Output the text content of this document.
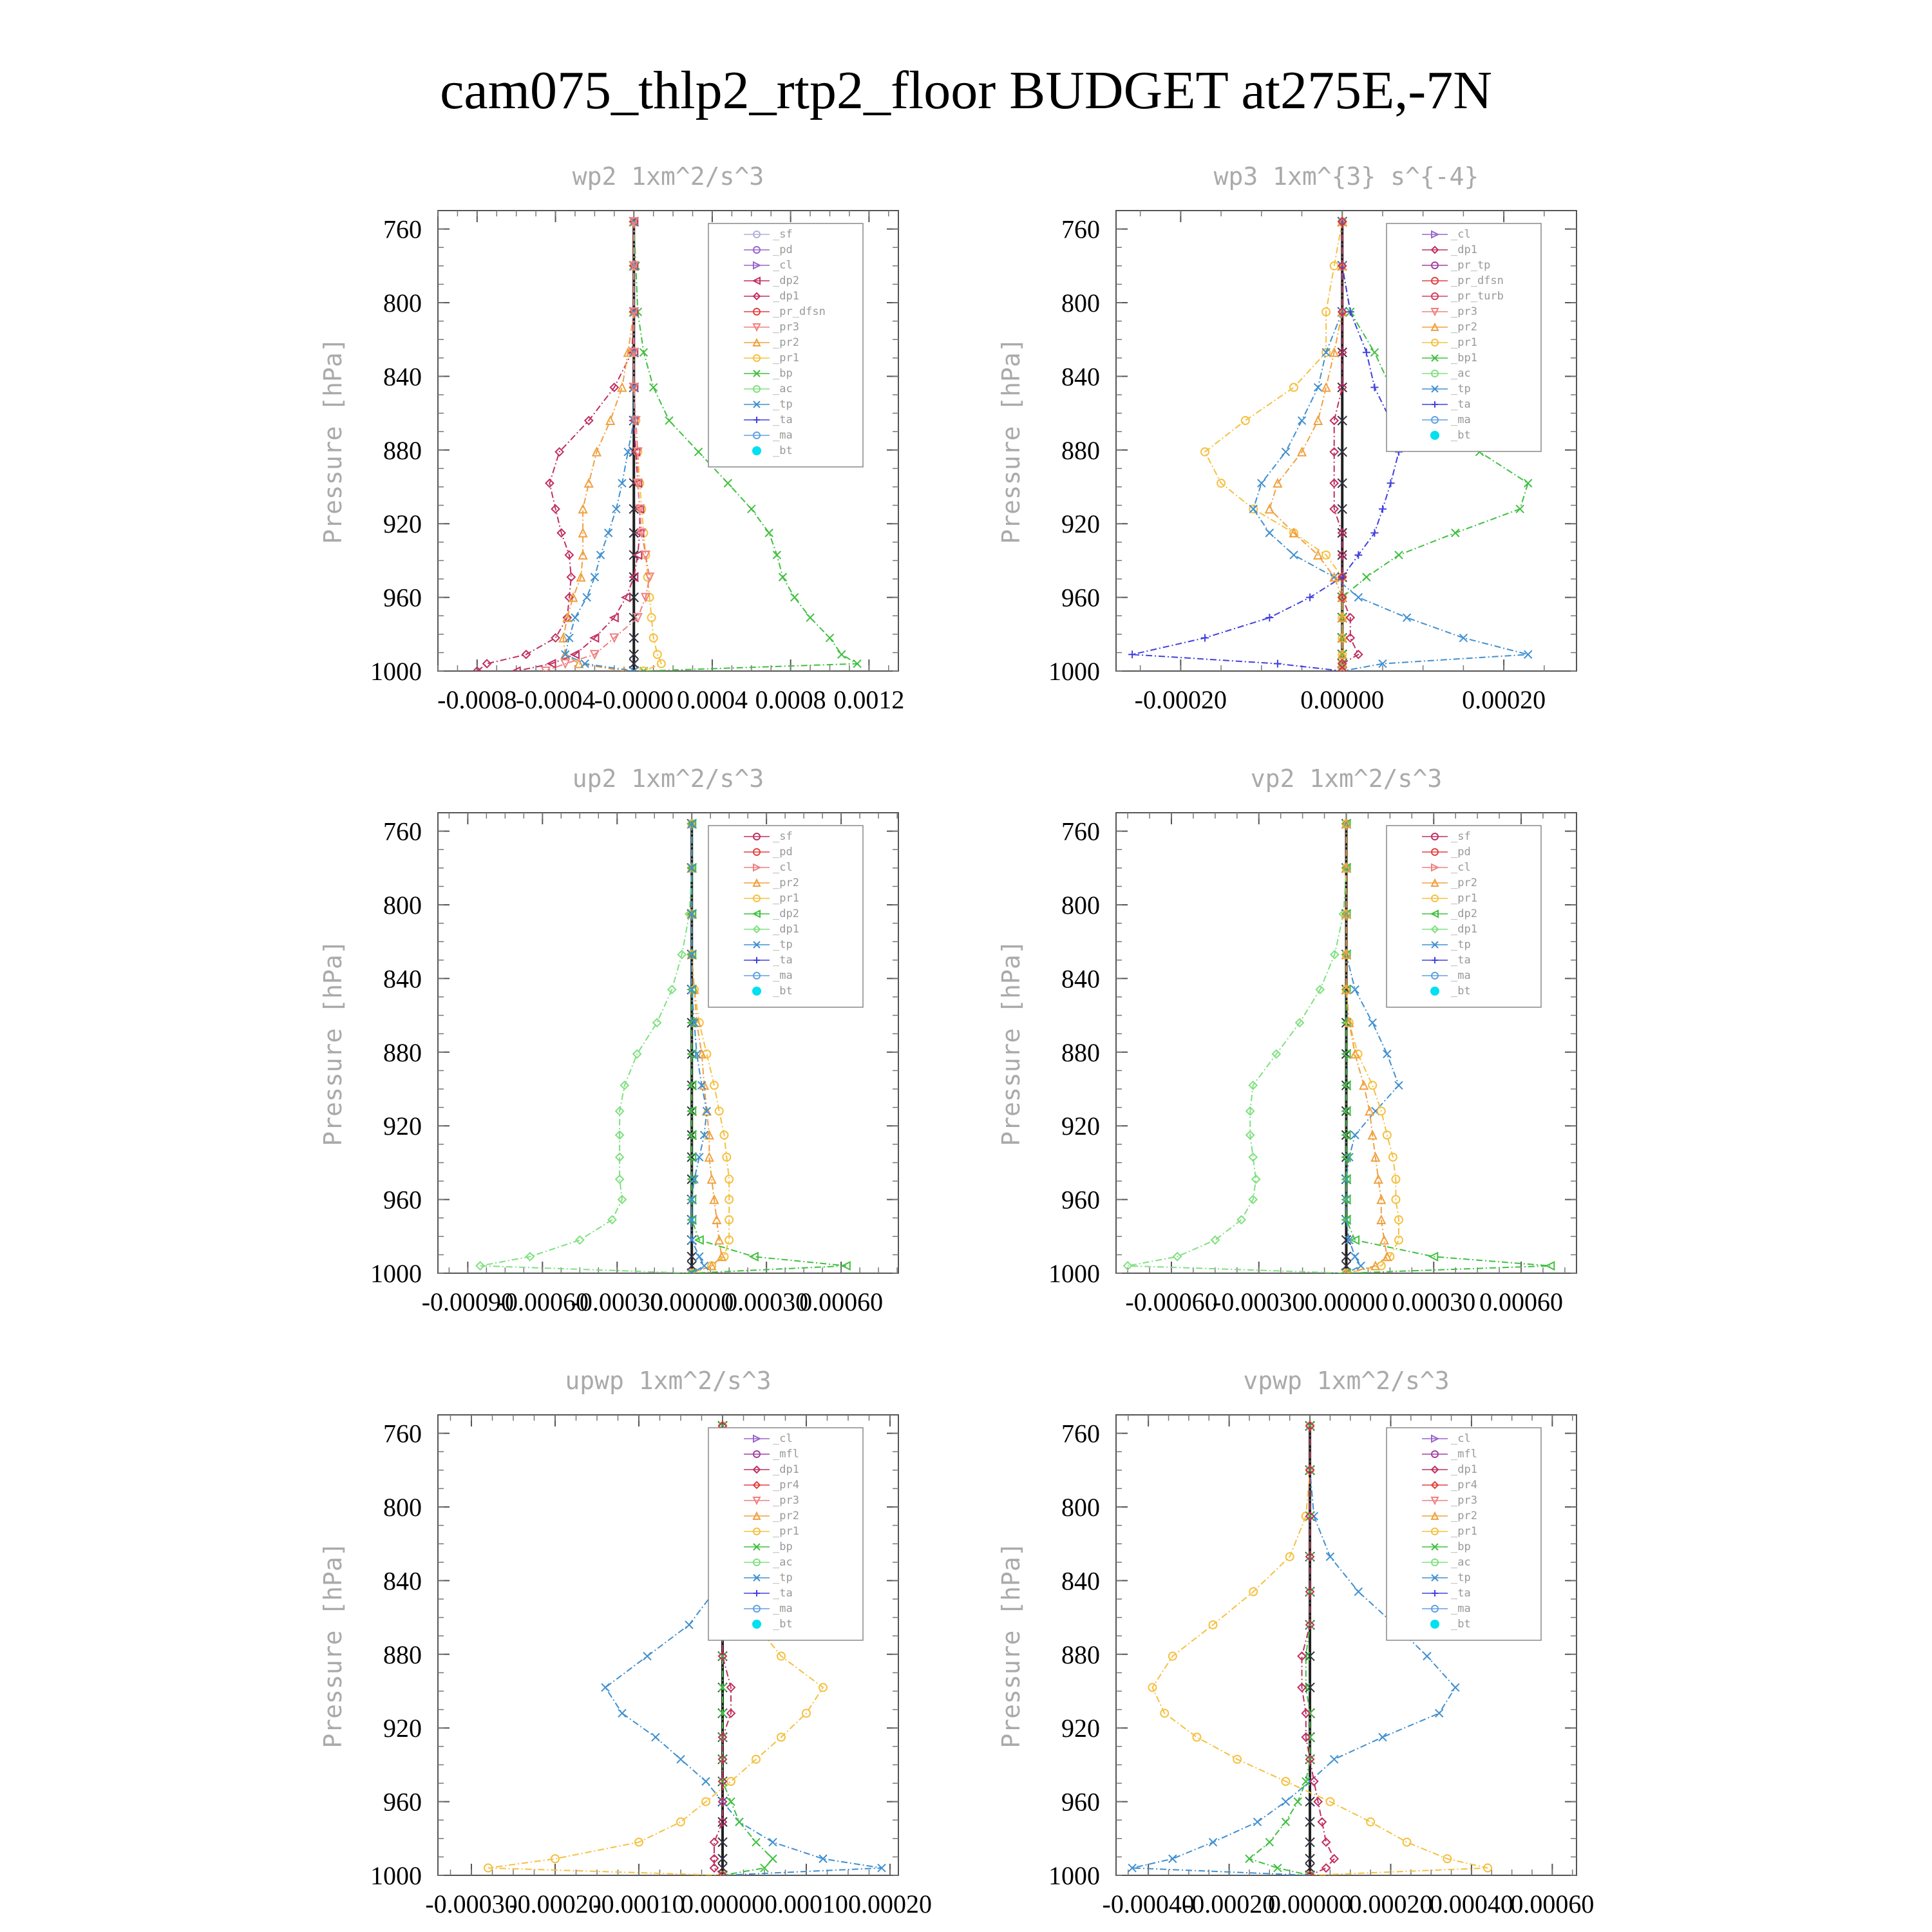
cam075_thlp2_rtp2_floor BUDGET at275E,-7N
wp2 1xm^2/s^3
Pressure [hPa]
760
800
840
880
920
960
1000
-0.0008
-0.0004
-0.0000 0.0004 0.0008 0.0012
_sf
_pd
_cl
_dp2
_dp1
_pr_dfsn
_pr3
_pr2
_pr1
_bp
_ac
_tp
_ta
_ma
_bt
wp3 1xm^{3} s^{-4}
Pressure [hPa]
760
800
840
880
920
960
1000
-0.00020	0.00000	0.00020
_cl
_dp1
_pr_tp
_pr_dfsn
_pr_turb
_pr3
_pr2
_pr1
_bp1
_ac
_tp
_ta
_ma
_bt
up2 1xm^2/s^3
Pressure [hPa]
760
800
840
880
920
960
1000
-0.00090
-0.00060
-0.00030
0.00000
0.00030
0.00060
_sf
_pd
_cl
_pr2
_pr1
_dp2
_dp1
_tp
_ta
_ma
_bt
vp2 1xm^2/s^3
Pressure [hPa]
760
800
840
880
920
960
1000
-0.00060
-0.00030 0.00000 0.00030 0.00060
_sf
_pd
_cl
_pr2
_pr1
_dp2
_dp1
_tp
_ta
_ma
_bt
upwp 1xm^2/s^3
Pressure [hPa]
760
800
840
880
920
960
1000
-0.00030
-0.00020
-0.00010
0.00000 0.00010 0.00020
_cl
_mfl
_dp1
_pr4
_pr3
_pr2
_pr1
_bp
_ac
_tp
_ta
_ma
_bt
vpwp 1xm^2/s^3
Pressure [hPa]
760
800
840
880
920
960
1000
-0.00040
-0.00020
0.00000
0.00020
0.00040
0.00060
_cl
_mfl
_dp1
_pr4
_pr3
_pr2
_pr1
_bp
_ac
_tp
_ta
_ma
_bt
